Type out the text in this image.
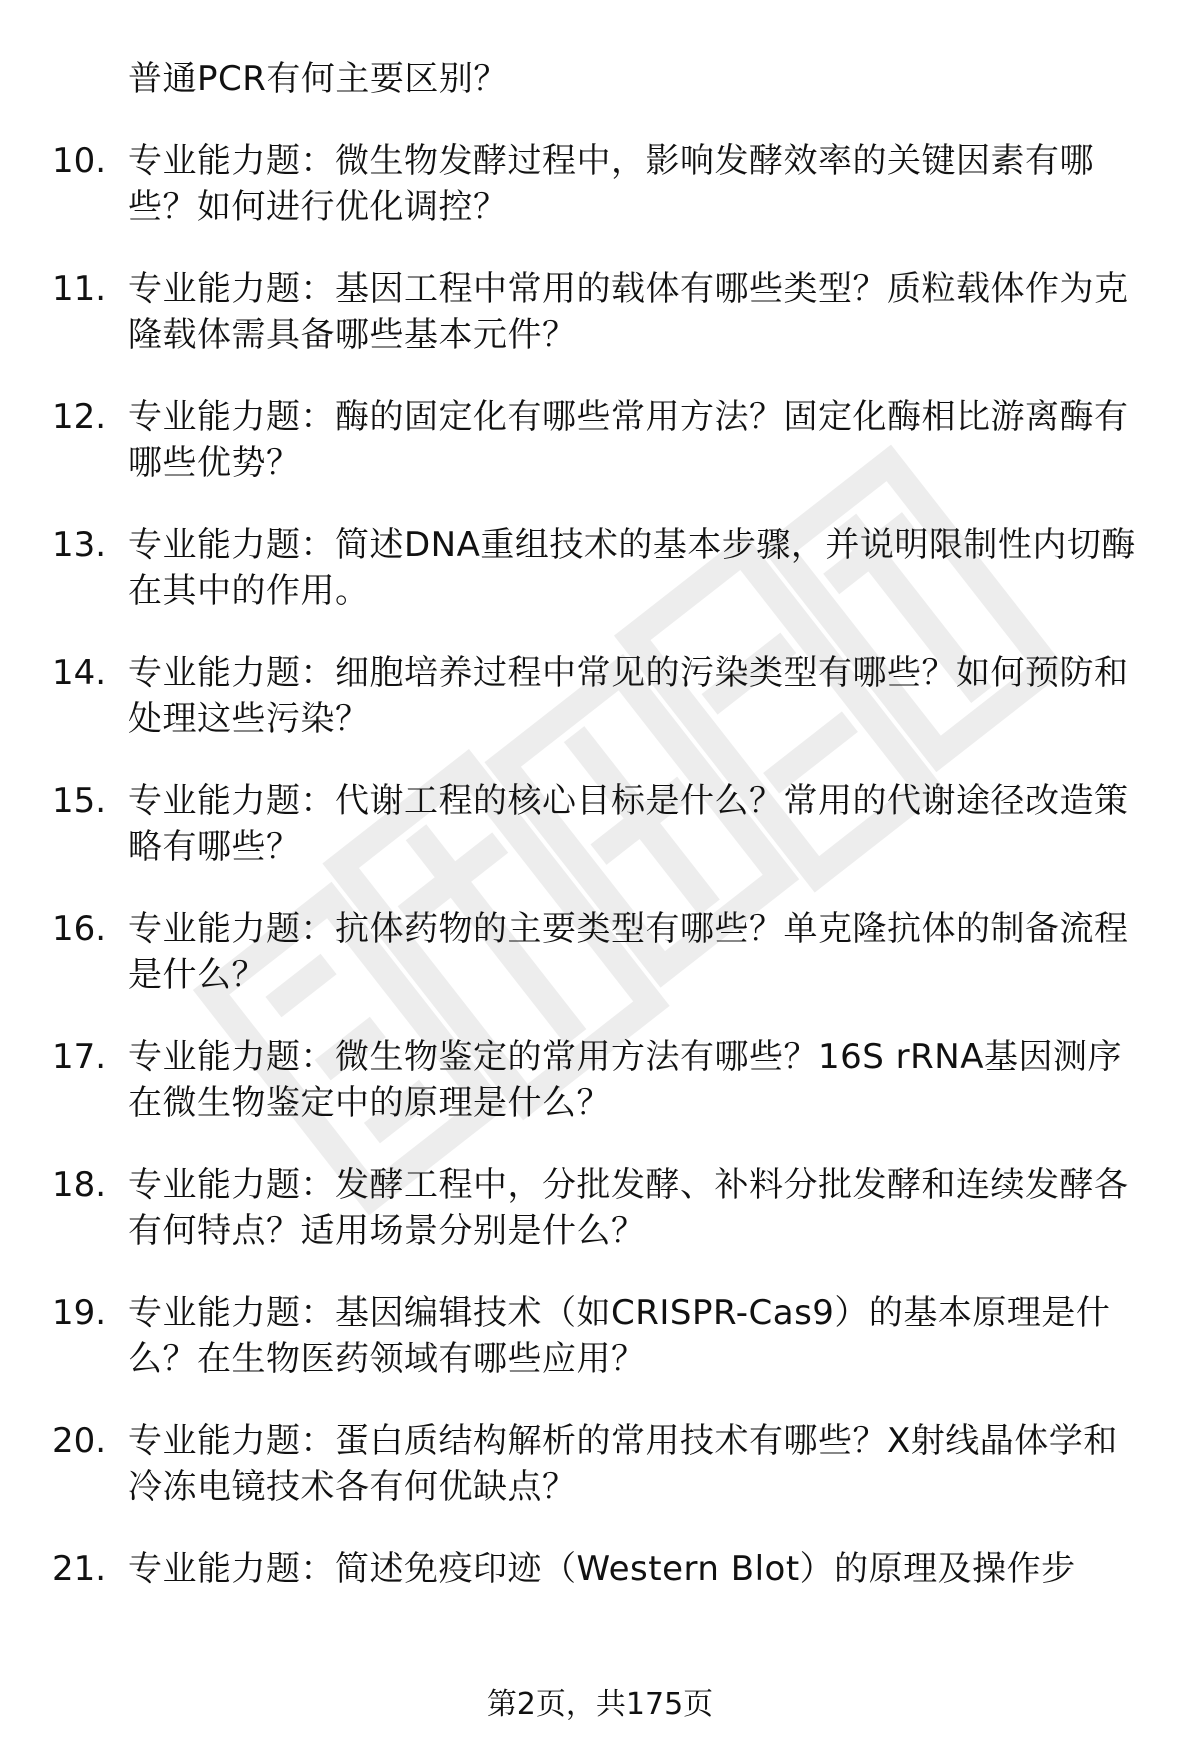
普通PCR有何主要区别？
10. 专业能力题：微生物发酵过程中，影响发酵效率的关键因素有哪些？如何进行优化调控？
11. 专业能力题：基因工程中常用的载体有哪些类型？质粒载体作为克隆载体需具备哪些基本元件？
12. 专业能力题：酶的固定化有哪些常用方法？固定化酶相比游离酶有哪些优势？
13. 专业能力题：简述DNA重组技术的基本步骤，并说明限制性内切酶在其中的作用。
14. 专业能力题：细胞培养过程中常见的污染类型有哪些？如何预防和处理这些污染？
15. 专业能力题：代谢工程的核心目标是什么？常用的代谢途径改造策略有哪些？
16. 专业能力题：抗体药物的主要类型有哪些？单克隆抗体的制备流程是什么？
17. 专业能力题：微生物鉴定的常用方法有哪些？16S rRNA基因测序在微生物鉴定中的原理是什么？
18. 专业能力题：发酵工程中，分批发酵、补料分批发酵和连续发酵各有何特点？适用场景分别是什么？
19. 专业能力题：基因编辑技术（如CRISPR-Cas9）的基本原理是什么？在生物医药领域有哪些应用？
20. 专业能力题：蛋白质结构解析的常用技术有哪些？X射线晶体学和冷冻电镜技术各有何优缺点？
21. 专业能力题：简述免疫印迹（Western Blot）的原理及操作步
第2页，共175页
